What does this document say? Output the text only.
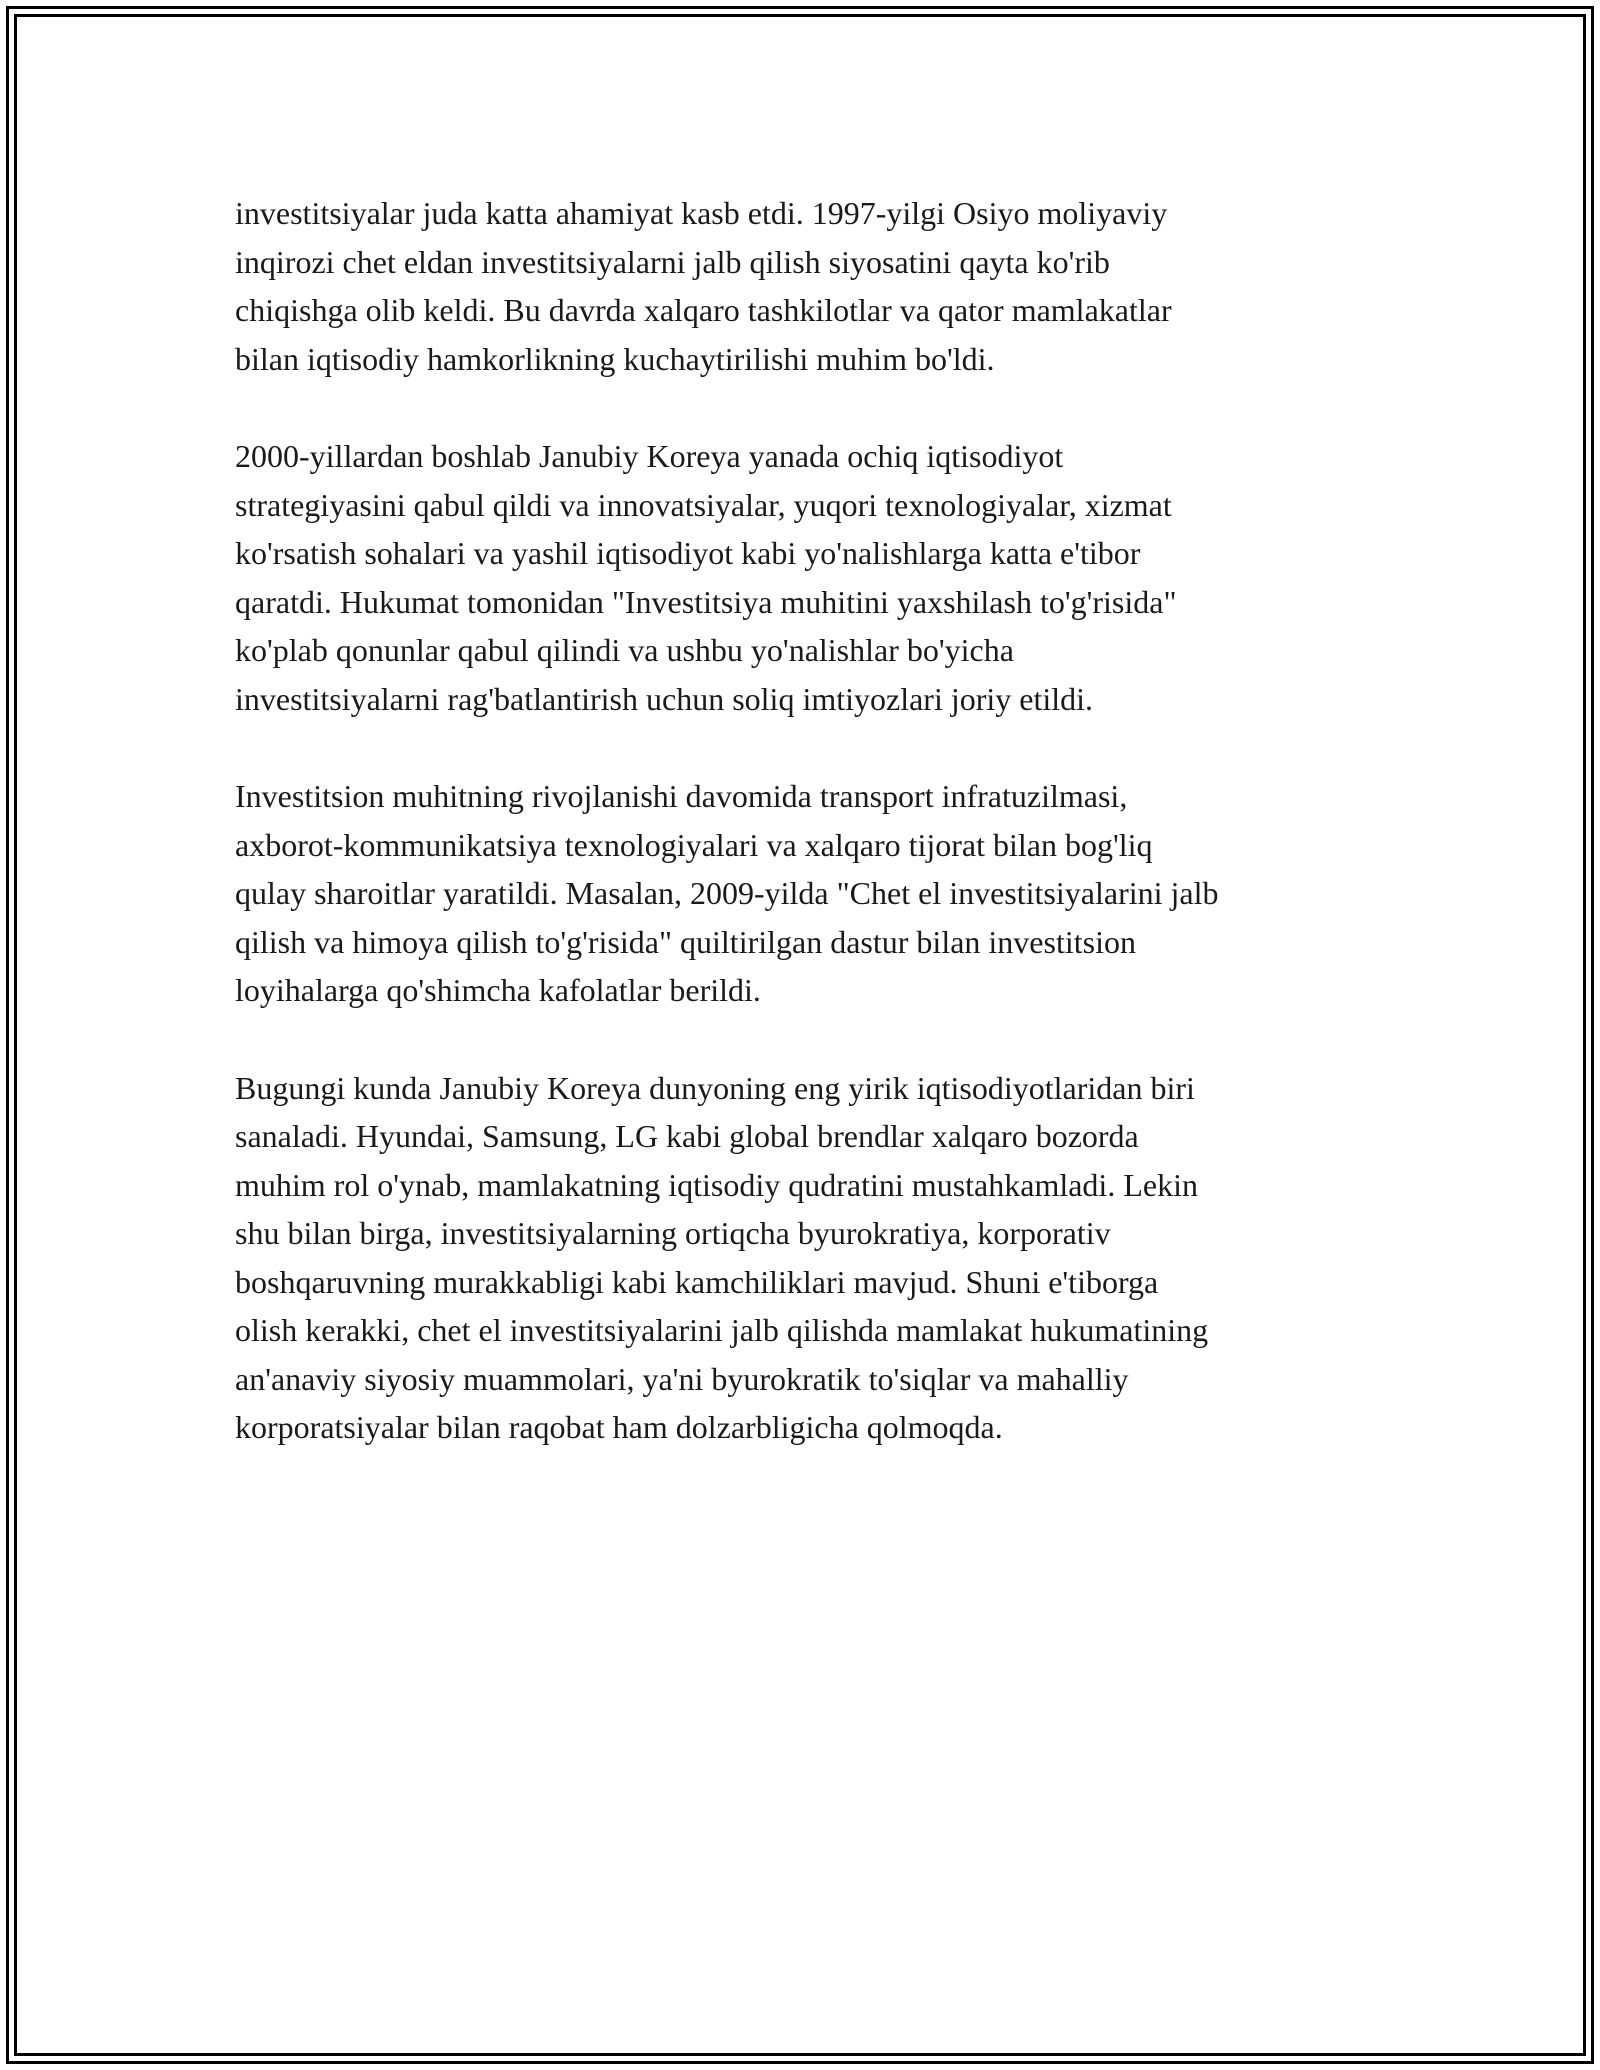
investitsiyalar juda katta ahamiyat kasb etdi. 1997-yilgi Osiyo moliyaviy
inqirozi chet eldan investitsiyalarni jalb qilish siyosatini qayta ko'rib
chiqishga olib keldi. Bu davrda xalqaro tashkilotlar va qator mamlakatlar
bilan iqtisodiy hamkorlikning kuchaytirilishi muhim bo'ldi.

2000-yillardan boshlab Janubiy Koreya yanada ochiq iqtisodiyot
strategiyasini qabul qildi va innovatsiyalar, yuqori texnologiyalar, xizmat
ko'rsatish sohalari va yashil iqtisodiyot kabi yo'nalishlarga katta e'tibor
qaratdi. Hukumat tomonidan "Investitsiya muhitini yaxshilash to'g'risida"
ko'plab qonunlar qabul qilindi va ushbu yo'nalishlar bo'yicha
investitsiyalarni rag'batlantirish uchun soliq imtiyozlari joriy etildi.

Investitsion muhitning rivojlanishi davomida transport infratuzilmasi,
axborot-kommunikatsiya texnologiyalari va xalqaro tijorat bilan bog'liq
qulay sharoitlar yaratildi. Masalan, 2009-yilda "Chet el investitsiyalarini jalb
qilish va himoya qilish to'g'risida" quiltirilgan dastur bilan investitsion
loyihalarga qo'shimcha kafolatlar berildi.

Bugungi kunda Janubiy Koreya dunyoning eng yirik iqtisodiyotlaridan biri
sanaladi. Hyundai, Samsung, LG kabi global brendlar xalqaro bozorda
muhim rol o'ynab, mamlakatning iqtisodiy qudratini mustahkamladi. Lekin
shu bilan birga, investitsiyalarning ortiqcha byurokratiya, korporativ
boshqaruvning murakkabligi kabi kamchiliklari mavjud. Shuni e'tiborga
olish kerakki, chet el investitsiyalarini jalb qilishda mamlakat hukumatining
an'anaviy siyosiy muammolari, ya'ni byurokratik to'siqlar va mahalliy
korporatsiyalar bilan raqobat ham dolzarbligicha qolmoqda.
